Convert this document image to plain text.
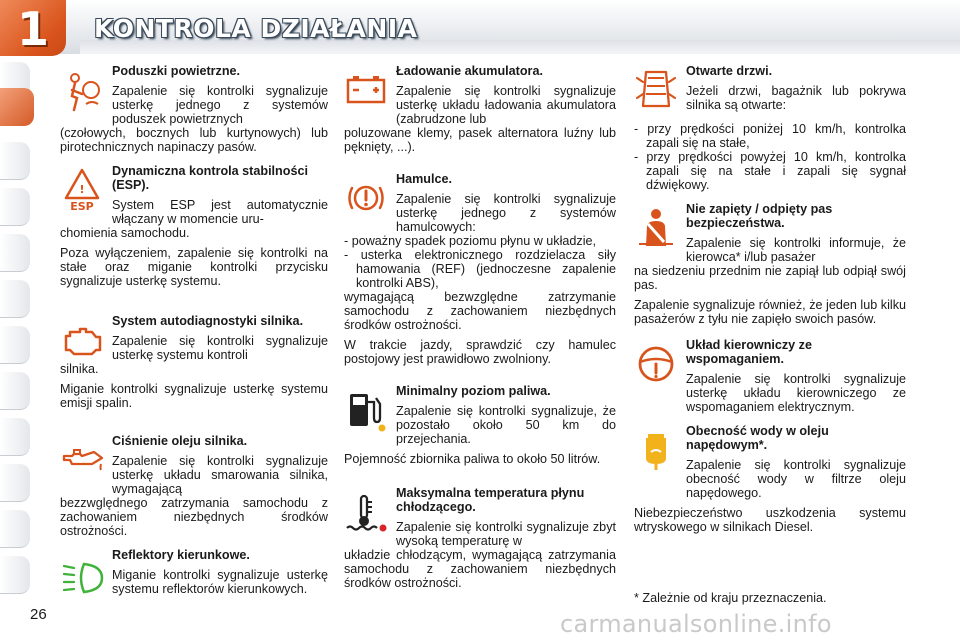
1	KONTROLA DZIAŁANIA
Poduszki powietrzne.

Zapalenie się kontrolki sygnalizuje usterkę jednego z systemów poduszek powietrznych

(czołowych, bocznych lub kurtynowych) lub pirotechnicznych napinaczy pasów.
!
ESP
Dynamiczna kontrola stabilności (ESP).

System ESP jest automatycznie włączany w momencie uru-

chomienia samochodu.

Poza wyłączeniem, zapalenie się kontrolki na stałe oraz miganie kontrolki przycisku sygnalizuje usterkę systemu.

System autodiagnostyki silnika.

Zapalenie się kontrolki sygnalizuje usterkę systemu kontroli

silnika.

Miganie kontrolki sygnalizuje usterkę systemu emisji spalin.

Ciśnienie oleju silnika.

Zapalenie się kontrolki sygnalizuje usterkę układu smarowania silnika, wymagającą

bezzwględnego zatrzymania samochodu z zachowaniem niezbędnych środków ostrożności.
Reflektory kierunkowe.

Miganie kontrolki sygnalizuje usterkę systemu reflektorów kierunkowych.

Ładowanie akumulatora.

Zapalenie się kontrolki sygnalizuje usterkę układu ładowania akumulatora (zabrudzone lub

poluzowane klemy, pasek alternatora luźny lub pęknięty, ...).
Hamulce.

Zapalenie się kontrolki sygnalizuje usterkę jednego z systemów hamulcowych:

- poważny spadek poziomu płynu w układzie,
- usterka elektronicznego rozdzielacza siły hamowania (REF) (jednoczesne zapalenie kontrolki ABS),
wymagającą bezwzględne zatrzymanie samochodu z zachowaniem niezbędnych środków ostrożności.

W trakcie jazdy, sprawdzić czy hamulec postojowy jest prawidłowo zwolniony.

Minimalny poziom paliwa.

Zapalenie się kontrolki sygnalizuje, że pozostało około 50 km do przejechania.

Pojemność zbiornika paliwa to około 50 litrów.

Maksymalna temperatura płynu chłodzącego.

Zapalenie się kontrolki sygnalizuje zbyt wysoką temperaturę w

układzie chłodzącym, wymagającą zatrzymania samochodu z zachowaniem niezbędnych środków ostrożności.
Otwarte drzwi.

Jeżeli drzwi, bagażnik lub pokrywa silnika są otwarte:

- przy prędkości poniżej 10 km/h, kontrolka zapali się na stałe,
- przy prędkości powyżej 10 km/h, kontrolka zapali się na stałe i zapali się sygnał dźwiękowy.
Nie zapięty / odpięty pas bezpieczeństwa.

Zapalenie się kontrolki informuje, że kierowca* i/lub pasażer

na siedzeniu przednim nie zapiął lub odpiął swój pas.

Zapalenie sygnalizuje również, że jeden lub kilku pasażerów z tyłu nie zapięło swoich pasów.

Układ kierowniczy ze wspomaganiem.

Zapalenie się kontrolki sygnalizuje usterkę układu kierowniczego ze wspomaganiem elektrycznym.

Obecność wody w oleju napędowym*.

Zapalenie się kontrolki sygnalizuje obecność wody w filtrze oleju napędowego.

Niebezpieczeństwo uszkodzenia systemu wtryskowego w silnikach Diesel.

* Zależnie od kraju przeznaczenia.
26	carmanualsonline.info
